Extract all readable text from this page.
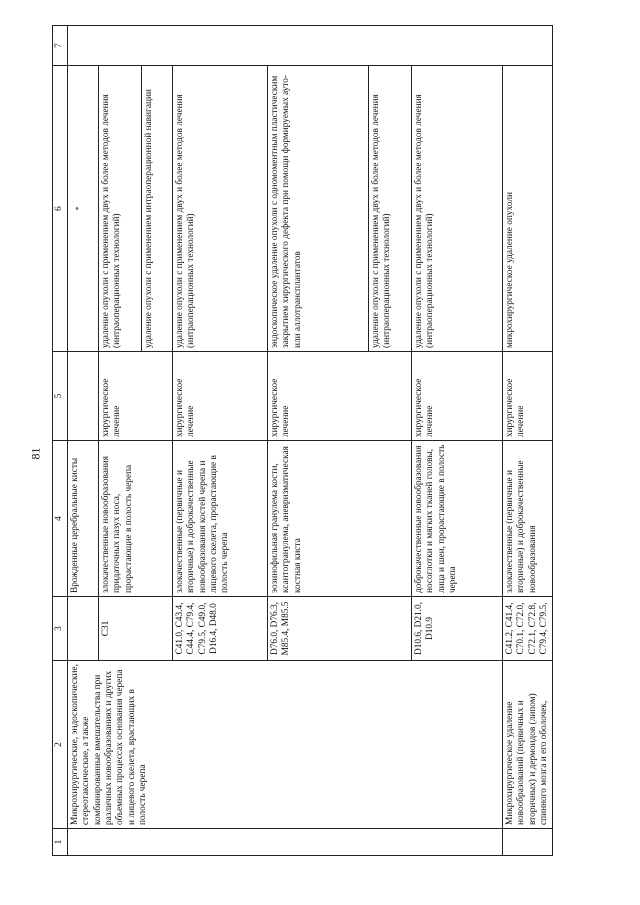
81
1	2	3	4	5	6	7
	Микрохирургические, эндоскопические, стереотаксические, а также комбинированные вмешательства при различных новообразованиях и других объемных процессах основания черепа и лицевого скелета, врастающих в полость черепа		Врожденные церебральные кисты		*	

		C31	злокачественные новообразования придаточных пазух носа, прорастающие в полость черепа	хирургическое лечение	удаление опухоли с применением двух и более методов лечения (интраоперационных технологий)	
					удаление опухоли с применением интраоперационной навигации	
		C41.0, C43.4, C44.4, C79.4, C79.5, C49.0, D16.4, D48.0	злокачественные (первичные и вторичные) и доброкачественные новообразования костей черепа и лицевого скелета, прорастающие в полость черепа	хирургическое лечение	удаление опухоли с применением двух и более методов лечения (интраоперационных технологий)	
		D76.0, D76.3, M85.4, M85.5	эозинофильная гранулема кости, ксантогранулема, аневризматическая костная киста	хирургическое лечение	эндоскопическое удаление опухоли с одномоментным пластическим закрытием хирургического дефекта при помощи формируемых ауто- или аллотрансплантатов	
					удаление опухоли с применением двух и более методов лечения (интраоперационных технологий)	
		D10.6, D21.0, D10.9	доброкачественные новообразования носоглотки и мягких тканей головы, лица и шеи, прорастающие в полость черепа	хирургическое лечение	удаление опухоли с применением двух и более методов лечения (интраоперационных технологий)	
	Микрохирургическое удаление новообразований (первичных и вторичных) и дермоидов (липом) спинного мозга и его оболочек,	C41.2, C41.4, C70.1, C72.0, C72.1, C72.8, C79.4, C79.5,	злокачественные (первичные и вторичные) и доброкачественные новообразования	хирургическое лечение	микрохирургическое удаление опухоли	
